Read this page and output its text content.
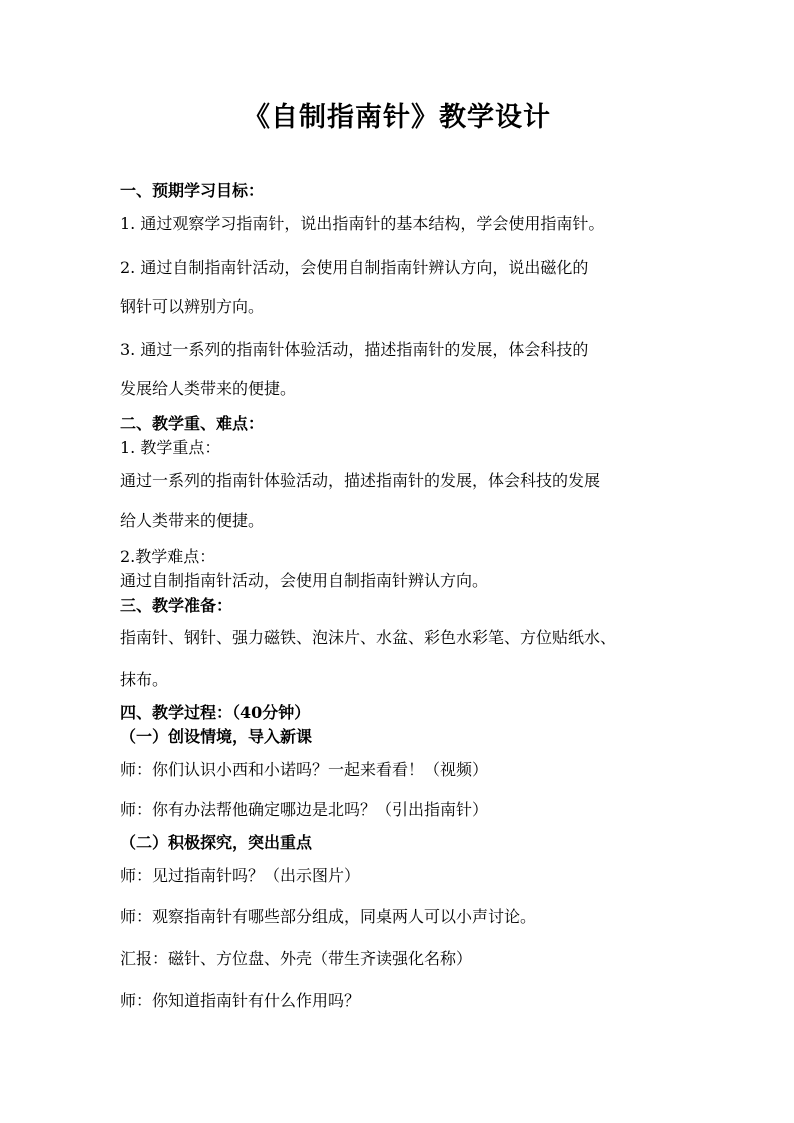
《自制指南针》教学设计
一、预期学习目标：
1. 通过观察学习指南针，说出指南针的基本结构，学会使用指南针。
2. 通过自制指南针活动，会使用自制指南针辨认方向，说出磁化的
钢针可以辨别方向。
3. 通过一系列的指南针体验活动，描述指南针的发展，体会科技的
发展给人类带来的便捷。
二、教学重、难点：
1. 教学重点：
通过一系列的指南针体验活动，描述指南针的发展，体会科技的发展
给人类带来的便捷。
2.教学难点：
通过自制指南针活动，会使用自制指南针辨认方向。
三、教学准备：
指南针、钢针、强力磁铁、泡沫片、水盆、彩色水彩笔、方位贴纸水、
抹布。
四、教学过程：（40分钟）
（一）创设情境，导入新课
师：你们认识小西和小诺吗？一起来看看！（视频）
师：你有办法帮他确定哪边是北吗？（引出指南针）
（二）积极探究，突出重点
师：见过指南针吗？（出示图片）
师：观察指南针有哪些部分组成，同桌两人可以小声讨论。
汇报：磁针、方位盘、外壳（带生齐读强化名称）
师：你知道指南针有什么作用吗？
